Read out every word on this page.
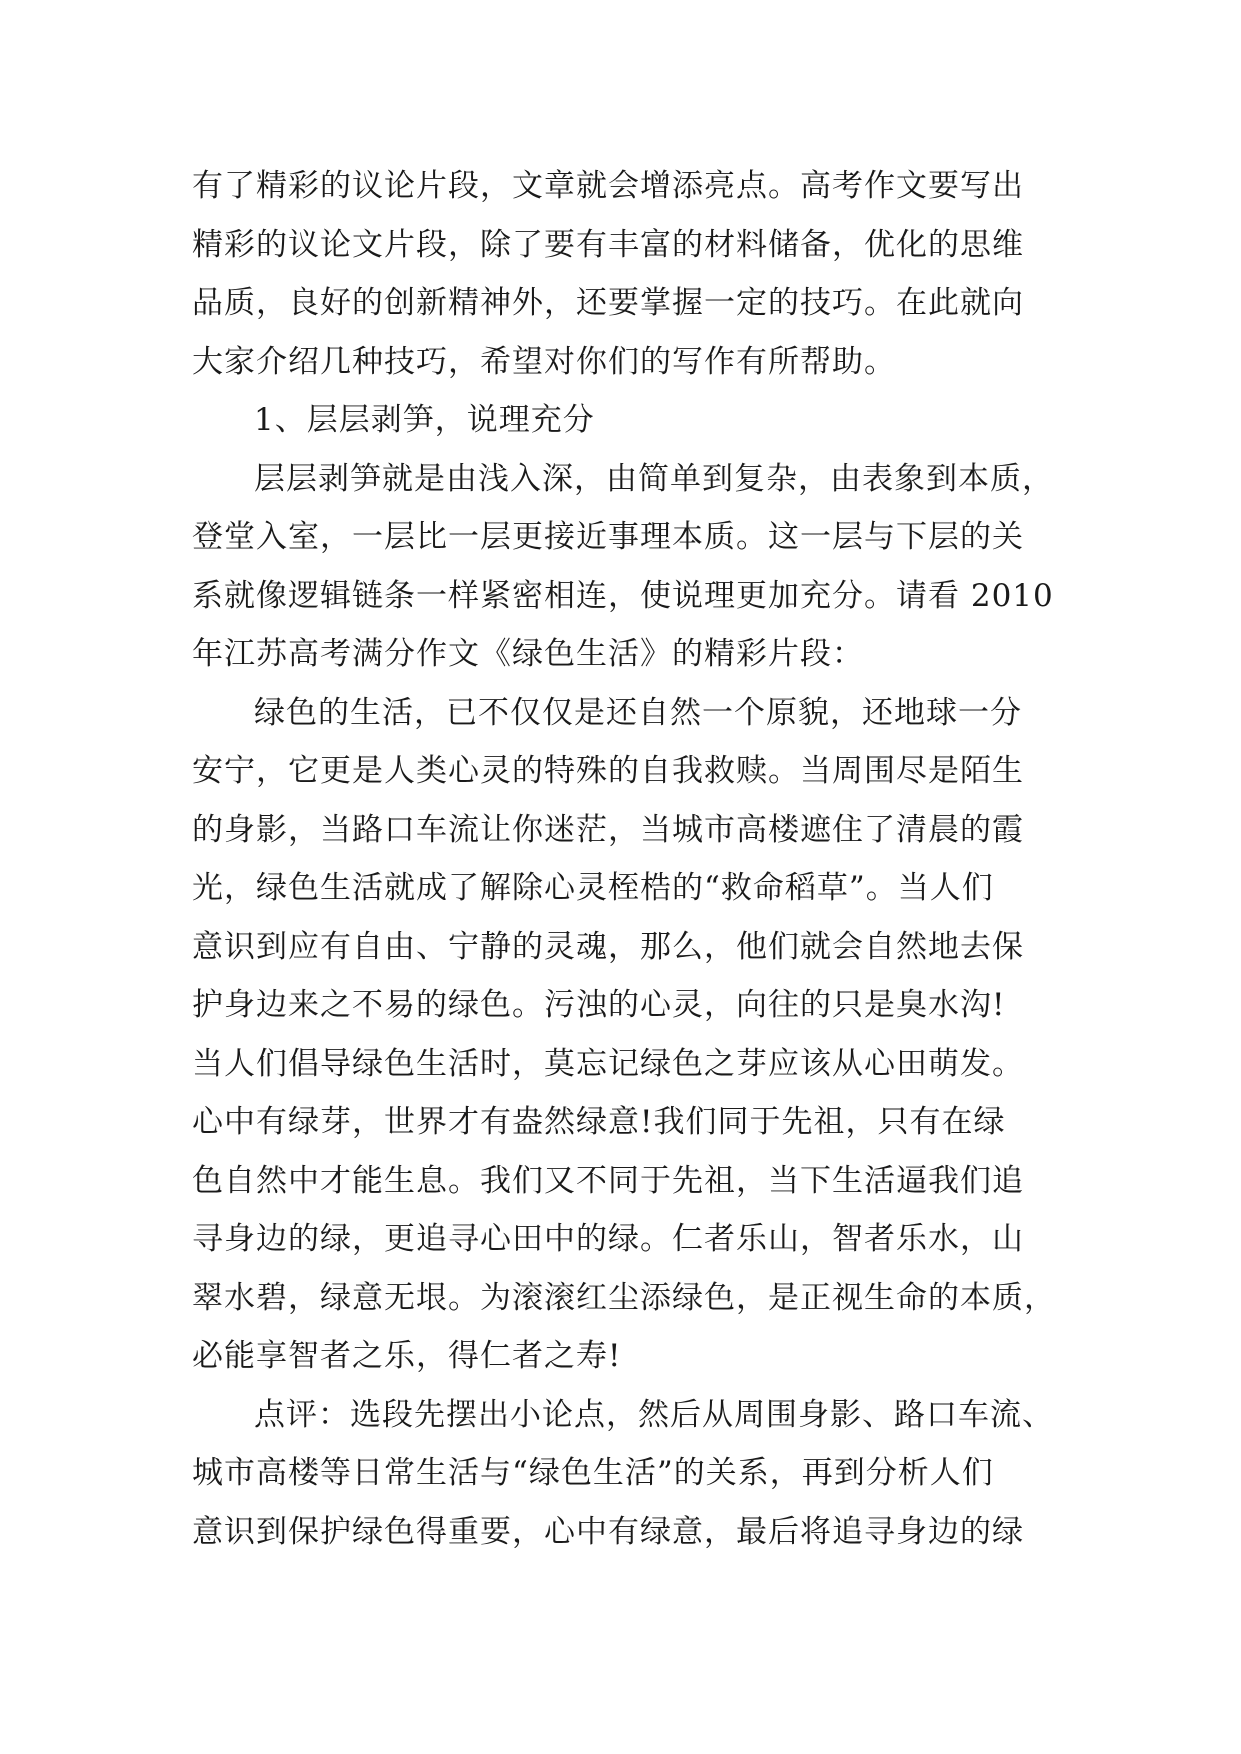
有了精彩的议论片段，文章就会增添亮点。高考作文要写出
精彩的议论文片段，除了要有丰富的材料储备，优化的思维
品质，良好的创新精神外，还要掌握一定的技巧。在此就向
大家介绍几种技巧，希望对你们的写作有所帮助。
1、层层剥笋，说理充分
层层剥笋就是由浅入深，由简单到复杂，由表象到本质，
登堂入室，一层比一层更接近事理本质。这一层与下层的关
系就像逻辑链条一样紧密相连，使说理更加充分。请看 2010
年江苏高考满分作文《绿色生活》的精彩片段：
绿色的生活，已不仅仅是还自然一个原貌，还地球一分
安宁，它更是人类心灵的特殊的自我救赎。当周围尽是陌生
的身影，当路口车流让你迷茫，当城市高楼遮住了清晨的霞
光，绿色生活就成了解除心灵桎梏的“救命稻草”。当人们
意识到应有自由、宁静的灵魂，那么，他们就会自然地去保
护身边来之不易的绿色。污浊的心灵，向往的只是臭水沟!
当人们倡导绿色生活时，莫忘记绿色之芽应该从心田萌发。
心中有绿芽，世界才有盎然绿意!我们同于先祖，只有在绿
色自然中才能生息。我们又不同于先祖，当下生活逼我们追
寻身边的绿，更追寻心田中的绿。仁者乐山，智者乐水，山
翠水碧，绿意无垠。为滚滚红尘添绿色，是正视生命的本质，
必能享智者之乐，得仁者之寿!
点评：选段先摆出小论点，然后从周围身影、路口车流、
城市高楼等日常生活与“绿色生活”的关系，再到分析人们
意识到保护绿色得重要，心中有绿意，最后将追寻身边的绿
